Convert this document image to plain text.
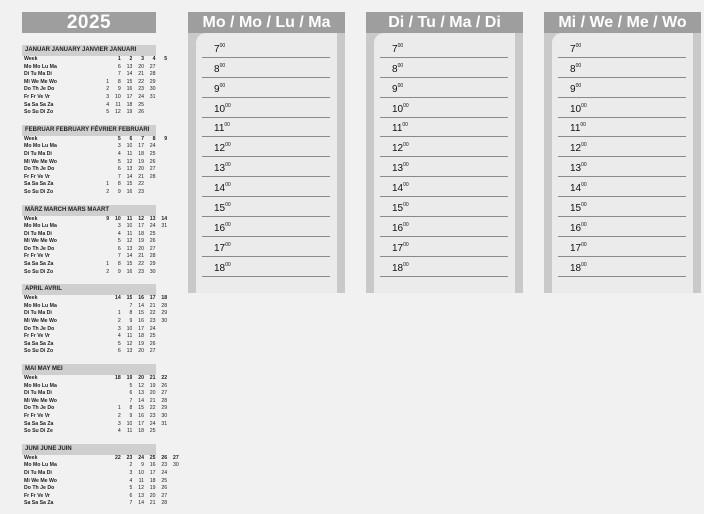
2025
JANUAR JANUARY JANVIER JANUARI
Week			1	2	3	4	5
Mo Mo Lu Ma			6	13	20	27	
Di Tu Ma Di			7	14	21	28	
Mi We Me Wo		1	8	15	22	29	
Do Th Je Do		2	9	16	23	30	
Fr Fr Ve Vr		3	10	17	24	31	
Sa Sa Sa Za		4	11	18	25		
So Su Di Zo		5	12	19	26		
FEBRUAR FEBRUARY FÉVRIER FEBRUARI
Week			5	6	7	8	9
Mo Mo Lu Ma			3	10	17	24	
Di Tu Ma Di			4	11	18	25	
Mi We Me Wo			5	12	19	26	
Do Th Je Do			6	13	20	27	
Fr Fr Ve Vr			7	14	21	28	
Sa Sa Sa Za		1	8	15	22		
So Su Di Zo		2	9	16	23		
MÄRZ MARCH MARS MAART
Week		9	10	11	12	13	14
Mo Mo Lu Ma			3	10	17	24	31
Di Tu Ma Di			4	11	18	25	
Mi We Me Wo			5	12	19	26	
Do Th Je Do			6	13	20	27	
Fr Fr Ve Vr			7	14	21	28	
Sa Sa Sa Za		1	8	15	22	29	
So Su Di Zo		2	9	16	23	30	
APRIL AVRIL
Week			14	15	16	17	18
Mo Mo Lu Ma				7	14	21	28
Di Tu Ma Di			1	8	15	22	29
Mi We Me Wo			2	9	16	23	30
Do Th Je Do			3	10	17	24	
Fr Fr Ve Vr			4	11	18	25	
Sa Sa Sa Za			5	12	19	26	
So Su Di Zo			6	13	20	27	
MAI MAY MEI
Week			18	19	20	21	22
Mo Mo Lu Ma				5	12	19	26
Di Tu Ma Di				6	13	20	27
Mi We Me Wo				7	14	21	28
Do Th Je Do			1	8	15	22	29
Fr Fr Ve Vr			2	9	16	23	30
Sa Sa Sa Za			3	10	17	24	31
So Su Di Ze			4	11	18	25	
JUNI JUNE JUIN
Week			22	23	24	25	26	27
Mo Mo Lu Ma				2	9	16	23	30
Di Tu Ma Di				3	10	17	24	
Mi We Me Wo				4	11	18	25	
Do Th Je Do				5	12	19	26	
Fr Fr Ve Vr				6	13	20	27	
Sa Sa Sa Za				7	14	21	28	
Mo / Mo / Lu / Ma
$7^{00}$
$8^{00}$
$9^{00}$
$10^{00}$
$11^{00}$
$12^{00}$
$13^{00}$
$14^{00}$
$15^{00}$
$16^{00}$
$17^{00}$
$18^{00}$
Di / Tu / Ma / Di
$7^{00}$
$8^{00}$
$9^{00}$
$10^{00}$
$11^{00}$
$12^{00}$
$13^{00}$
$14^{00}$
$15^{00}$
$16^{00}$
$17^{00}$
$18^{00}$
Mi / We / Me / Wo
$7^{00}$
$8^{00}$
$9^{00}$
$10^{00}$
$11^{00}$
$12^{00}$
$13^{00}$
$14^{00}$
$15^{00}$
$16^{00}$
$17^{00}$
$18^{00}$
